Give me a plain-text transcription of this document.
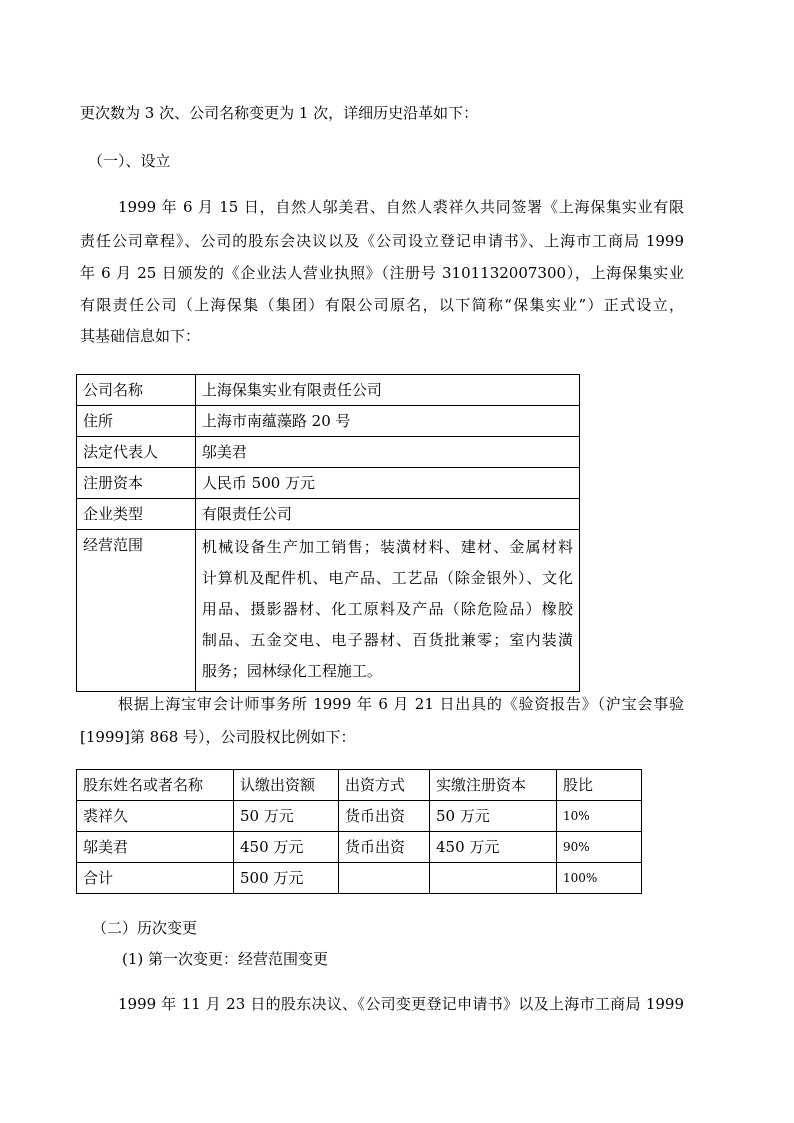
更次数为 3 次、公司名称变更为 1 次，详细历史沿革如下：
（一）、设立
1999 年 6 月 15 日，自然人邬美君、自然人裘祥久共同签署《上海保集实业有限
责任公司章程》、公司的股东会决议以及《公司设立登记申请书》、上海市工商局 1999
年 6 月 25 日颁发的《企业法人营业执照》（注册号 3101132007300），上海保集实业
有限责任公司（上海保集（集团）有限公司原名，以下简称“保集实业”）正式设立，
其基础信息如下：
公司名称	上海保集实业有限责任公司
住所	上海市南蕴藻路 20 号
法定代表人	邬美君
注册资本	人民币 500 万元
企业类型	有限责任公司
经营范围	机械设备生产加工销售；装潢材料、建材、金属材料
计算机及配件机、电产品、工艺品（除金银外）、文化
用品、摄影器材、化工原料及产品（除危险品）橡胶
制品、五金交电、电子器材、百货批兼零；室内装潢
服务；园林绿化工程施工。
根据上海宝审会计师事务所 1999 年 6 月 21 日出具的《验资报告》（沪宝会事验
[1999]第 868 号），公司股权比例如下：
股东姓名或者名称	认缴出资额	出资方式	实缴注册资本	股比
裘祥久	50 万元	货币出资	50 万元	10%
邬美君	450 万元	货币出资	450 万元	90%
合计	500 万元			100%
（二）历次变更
(1) 第一次变更：经营范围变更
1999 年 11 月 23 日的股东决议、《公司变更登记申请书》以及上海市工商局 1999
